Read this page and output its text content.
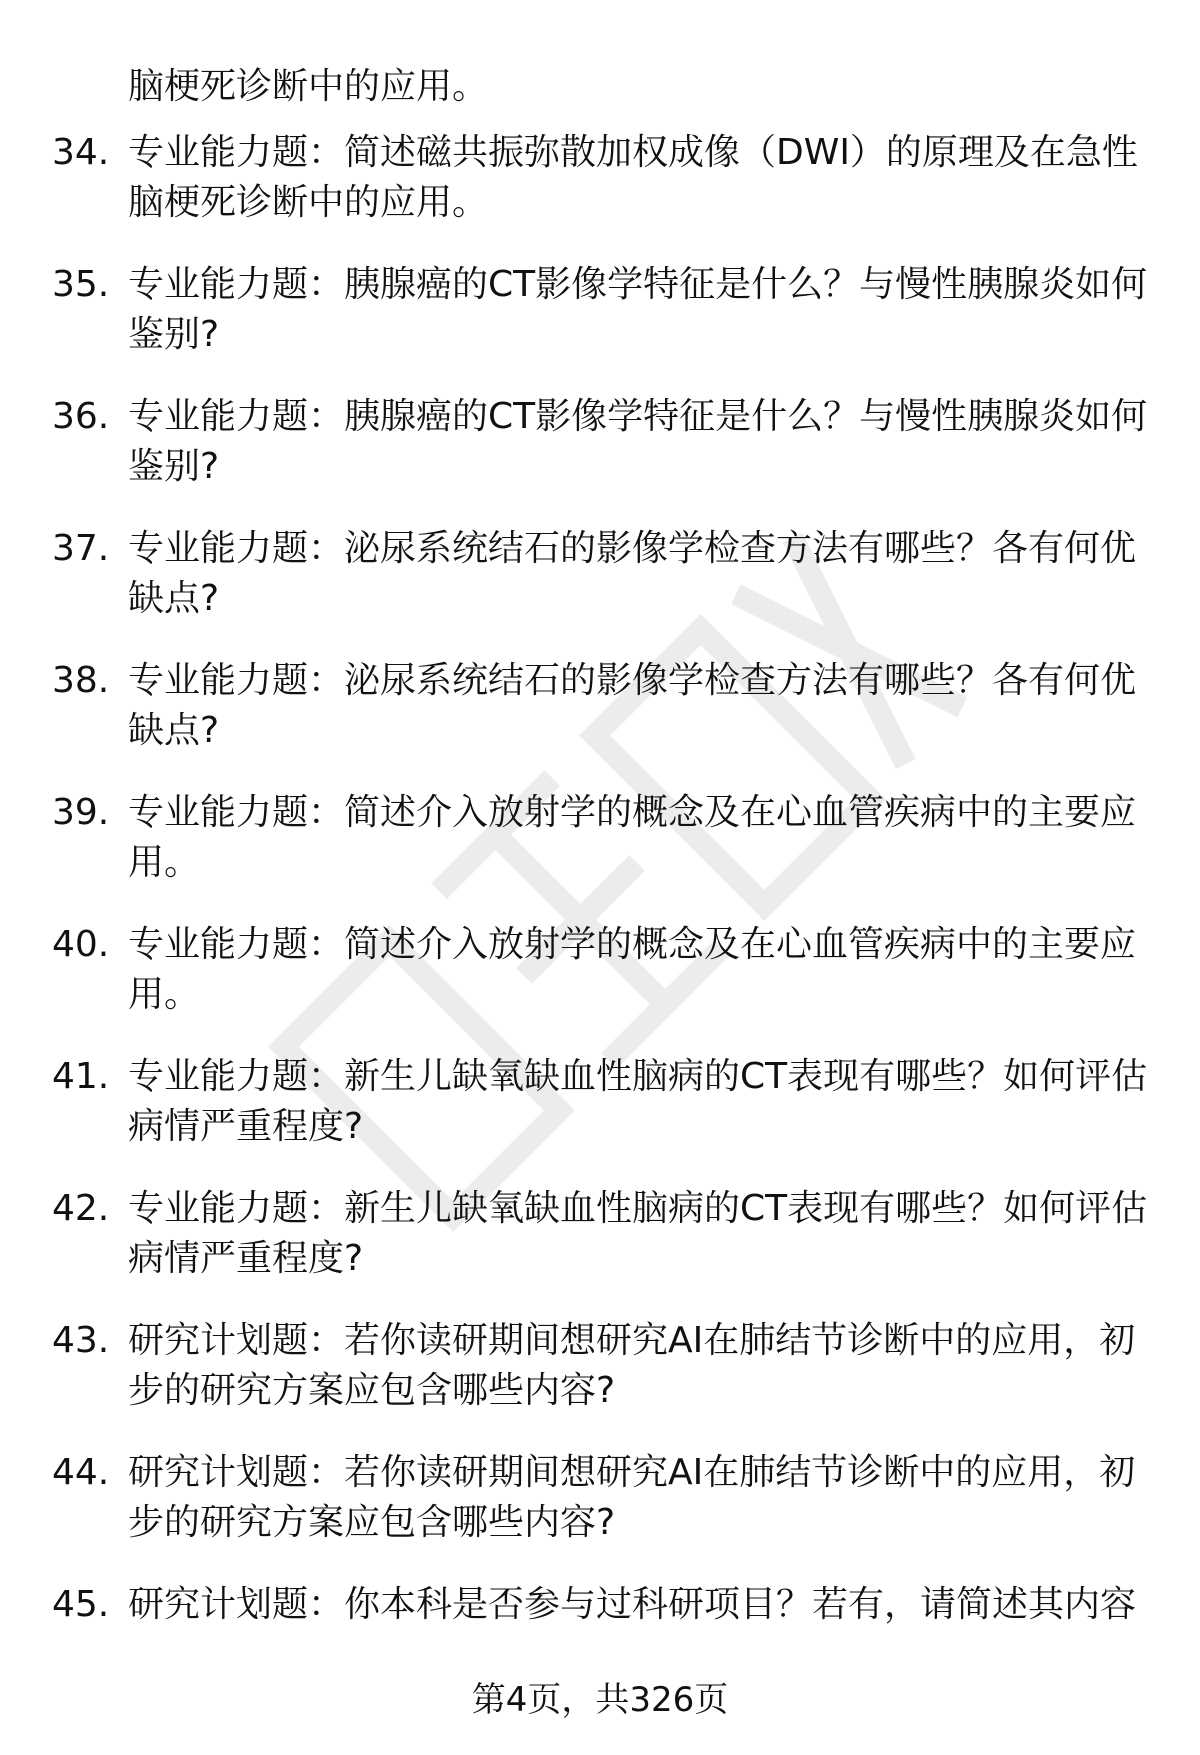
脑梗死诊断中的应用。

34. 专业能力题：简述磁共振弥散加权成像（DWI）的原理及在急性
脑梗死诊断中的应用。
35. 专业能力题：胰腺癌的CT影像学特征是什么？与慢性胰腺炎如何
鉴别?
36. 专业能力题：胰腺癌的CT影像学特征是什么？与慢性胰腺炎如何
鉴别?
37. 专业能力题：泌尿系统结石的影像学检查方法有哪些？各有何优
缺点?
38. 专业能力题：泌尿系统结石的影像学检查方法有哪些？各有何优
缺点?
39. 专业能力题：简述介入放射学的概念及在心血管疾病中的主要应
用。
40. 专业能力题：简述介入放射学的概念及在心血管疾病中的主要应
用。
41. 专业能力题：新生儿缺氧缺血性脑病的CT表现有哪些？如何评估
病情严重程度?
42. 专业能力题：新生儿缺氧缺血性脑病的CT表现有哪些？如何评估
病情严重程度?
43. 研究计划题：若你读研期间想研究AI在肺结节诊断中的应用，初
步的研究方案应包含哪些内容?
44. 研究计划题：若你读研期间想研究AI在肺结节诊断中的应用，初
步的研究方案应包含哪些内容?
45. 研究计划题：你本科是否参与过科研项目？若有，请简述其内容
第4页，共326页
